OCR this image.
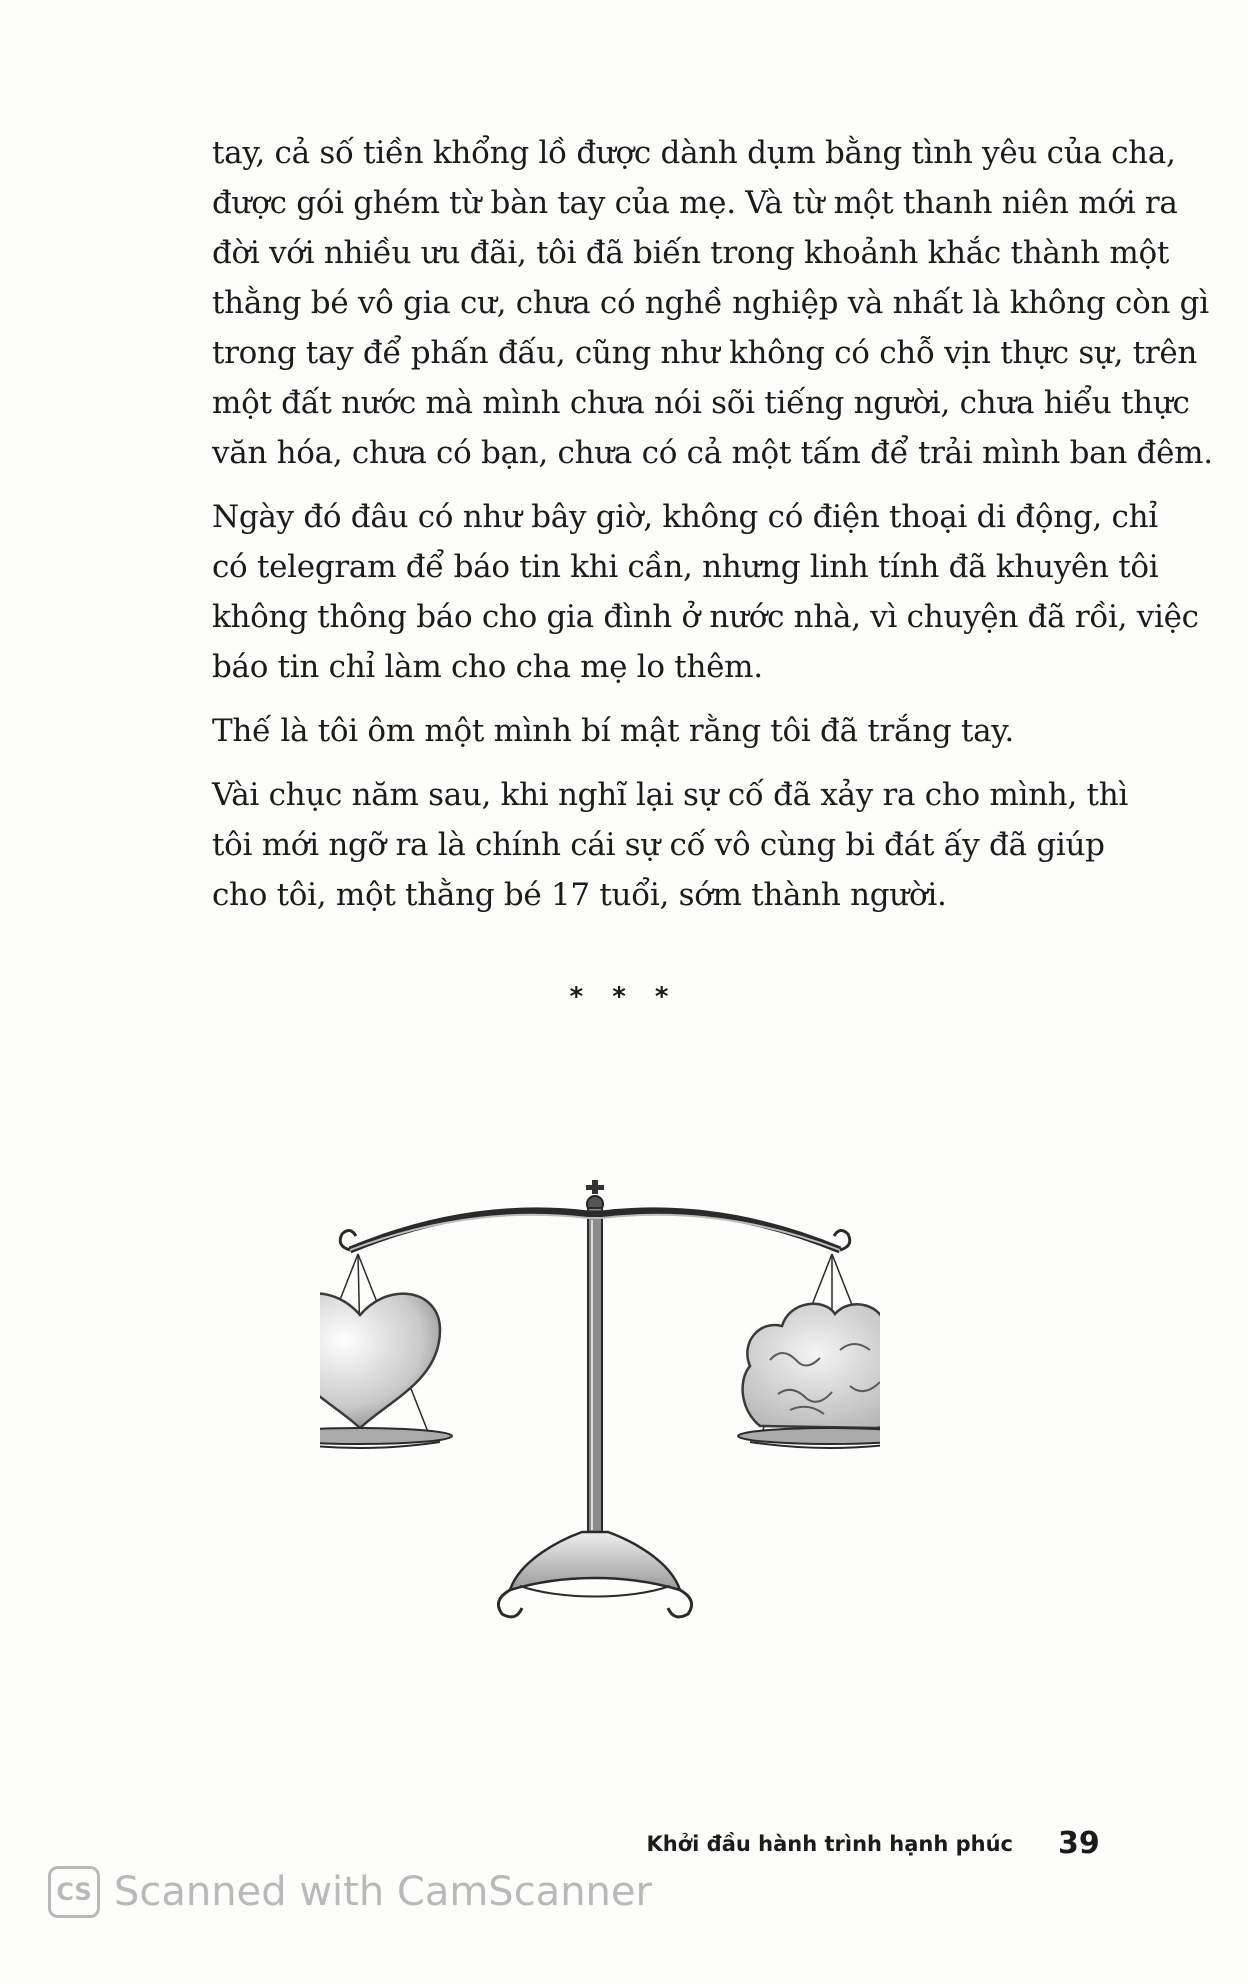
tay, cả số tiền khổng lồ được dành dụm bằng tình yêu của cha,
được gói ghém từ bàn tay của mẹ. Và từ một thanh niên mới ra
đời với nhiều ưu đãi, tôi đã biến trong khoảnh khắc thành một
thằng bé vô gia cư, chưa có nghề nghiệp và nhất là không còn gì
trong tay để phấn đấu, cũng như không có chỗ vịn thực sự, trên
một đất nước mà mình chưa nói sõi tiếng người, chưa hiểu thực
văn hóa, chưa có bạn, chưa có cả một tấm để trải mình ban đêm.

Ngày đó đâu có như bây giờ, không có điện thoại di động, chỉ
có telegram để báo tin khi cần, nhưng linh tính đã khuyên tôi
không thông báo cho gia đình ở nước nhà, vì chuyện đã rồi, việc
báo tin chỉ làm cho cha mẹ lo thêm.

Thế là tôi ôm một mình bí mật rằng tôi đã trắng tay.

Vài chục năm sau, khi nghĩ lại sự cố đã xảy ra cho mình, thì
tôi mới ngỡ ra là chính cái sự cố vô cùng bi đát ấy đã giúp
cho tôi, một thằng bé 17 tuổi, sớm thành người.

* * *
Khởi đầu hành trình hạnh phúc 39
CS Scanned with CamScanner
